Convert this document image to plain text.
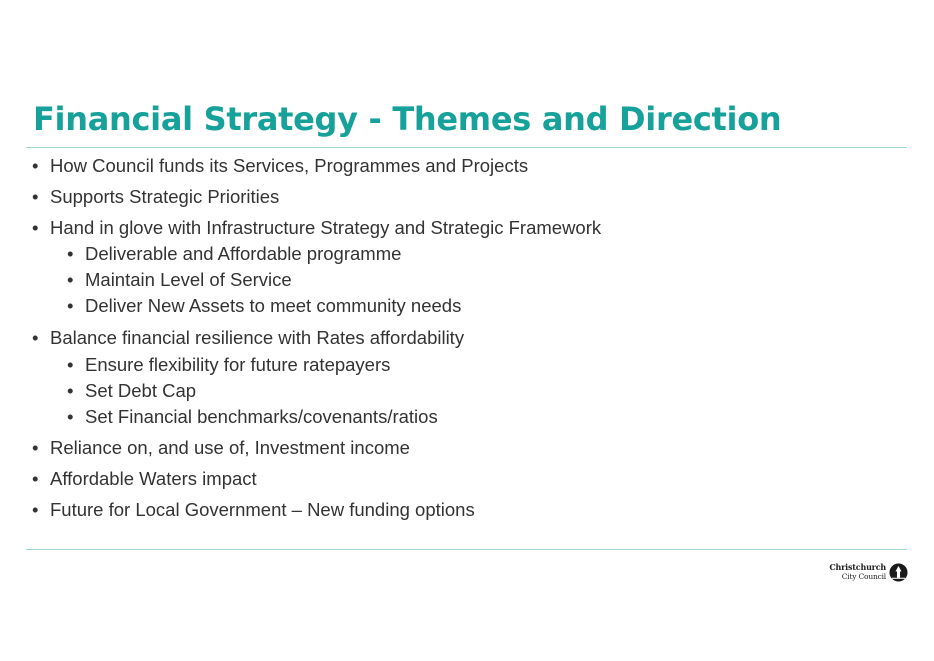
Financial Strategy - Themes and Direction
• How Council funds its Services, Programmes and Projects
• Supports Strategic Priorities
• Hand in glove with Infrastructure Strategy and Strategic Framework
• Deliverable and Affordable programme
• Maintain Level of Service
• Deliver New Assets to meet community needs
• Balance financial resilience with Rates affordability
• Ensure flexibility for future ratepayers
• Set Debt Cap
• Set Financial benchmarks/covenants/ratios
• Reliance on, and use of, Investment income
• Affordable Waters impact
• Future for Local Government – New funding options
Christchurch
City Council
